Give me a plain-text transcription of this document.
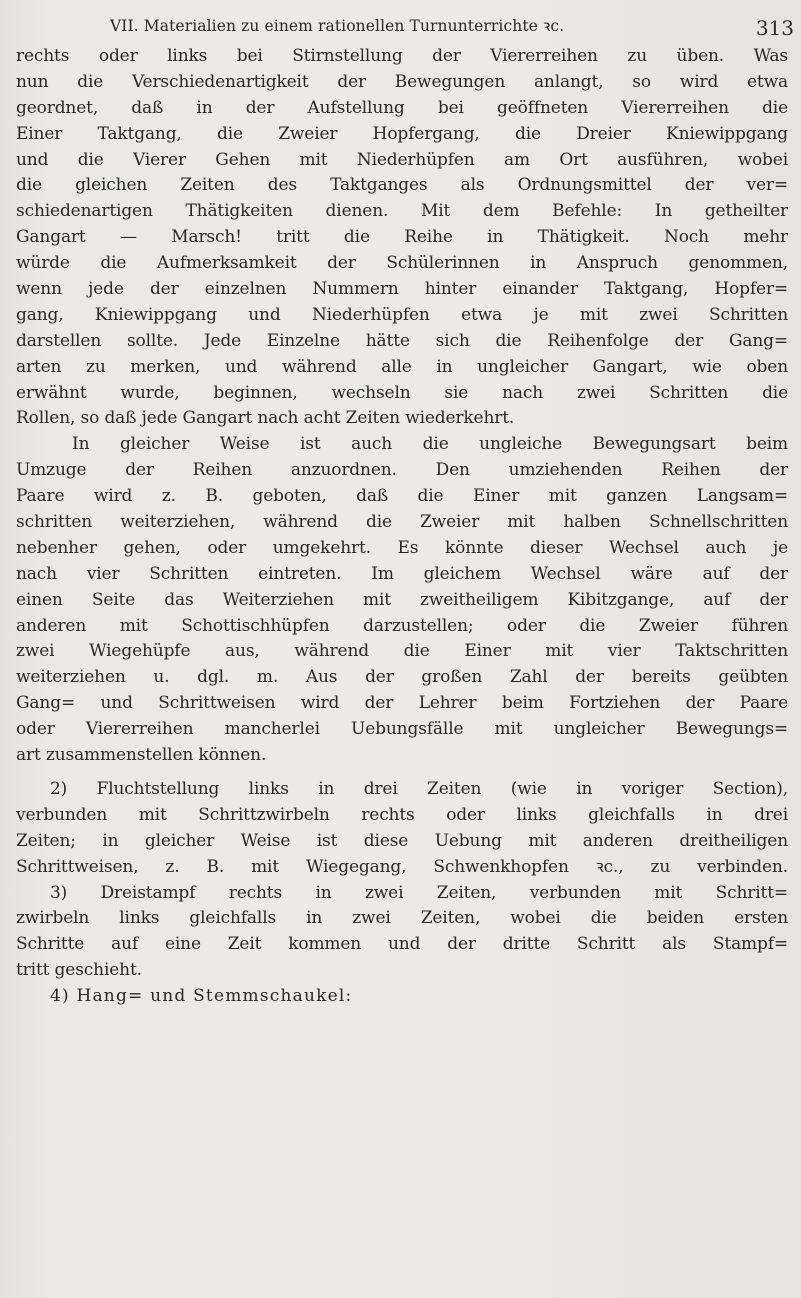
VII. Materialien zu einem rationellen Turnunterrichte ꝛc.	313
rechts oder links bei Stirnstellung der Viererreihen zu üben. Was
nun die Verschiedenartigkeit der Bewegungen anlangt, so wird etwa
geordnet, daß in der Aufstellung bei geöffneten Viererreihen die
Einer Taktgang, die Zweier Hopfergang, die Dreier Kniewippgang
und die Vierer Gehen mit Niederhüpfen am Ort ausführen, wobei
die gleichen Zeiten des Taktganges als Ordnungsmittel der ver=
schiedenartigen Thätigkeiten dienen. Mit dem Befehle: In getheilter
Gangart — Marsch! tritt die Reihe in Thätigkeit. Noch mehr
würde die Aufmerksamkeit der Schülerinnen in Anspruch genommen,
wenn jede der einzelnen Nummern hinter einander Taktgang, Hopfer=
gang, Kniewippgang und Niederhüpfen etwa je mit zwei Schritten
darstellen sollte. Jede Einzelne hätte sich die Reihenfolge der Gang=
arten zu merken, und während alle in ungleicher Gangart, wie oben
erwähnt wurde, beginnen, wechseln sie nach zwei Schritten die
Rollen, so daß jede Gangart nach acht Zeiten wiederkehrt.
In gleicher Weise ist auch die ungleiche Bewegungsart beim
Umzuge der Reihen anzuordnen. Den umziehenden Reihen der
Paare wird z. B. geboten, daß die Einer mit ganzen Langsam=
schritten weiterziehen, während die Zweier mit halben Schnellschritten
nebenher gehen, oder umgekehrt. Es könnte dieser Wechsel auch je
nach vier Schritten eintreten. Im gleichem Wechsel wäre auf der
einen Seite das Weiterziehen mit zweitheiligem Kibitzgange, auf der
anderen mit Schottischhüpfen darzustellen; oder die Zweier führen
zwei Wiegehüpfe aus, während die Einer mit vier Taktschritten
weiterziehen u. dgl. m. Aus der großen Zahl der bereits geübten
Gang= und Schrittweisen wird der Lehrer beim Fortziehen der Paare
oder Viererreihen mancherlei Uebungsfälle mit ungleicher Bewegungs=
art zusammenstellen können.
2) Fluchtstellung links in drei Zeiten (wie in voriger Section),
verbunden mit Schrittzwirbeln rechts oder links gleichfalls in drei
Zeiten; in gleicher Weise ist diese Uebung mit anderen dreitheiligen
Schrittweisen, z. B. mit Wiegegang, Schwenkhopfen ꝛc., zu verbinden.
3) Dreistampf rechts in zwei Zeiten, verbunden mit Schritt=
zwirbeln links gleichfalls in zwei Zeiten, wobei die beiden ersten
Schritte auf eine Zeit kommen und der dritte Schritt als Stampf=
tritt geschieht.
4) Hang= und Stemmschaukel:
